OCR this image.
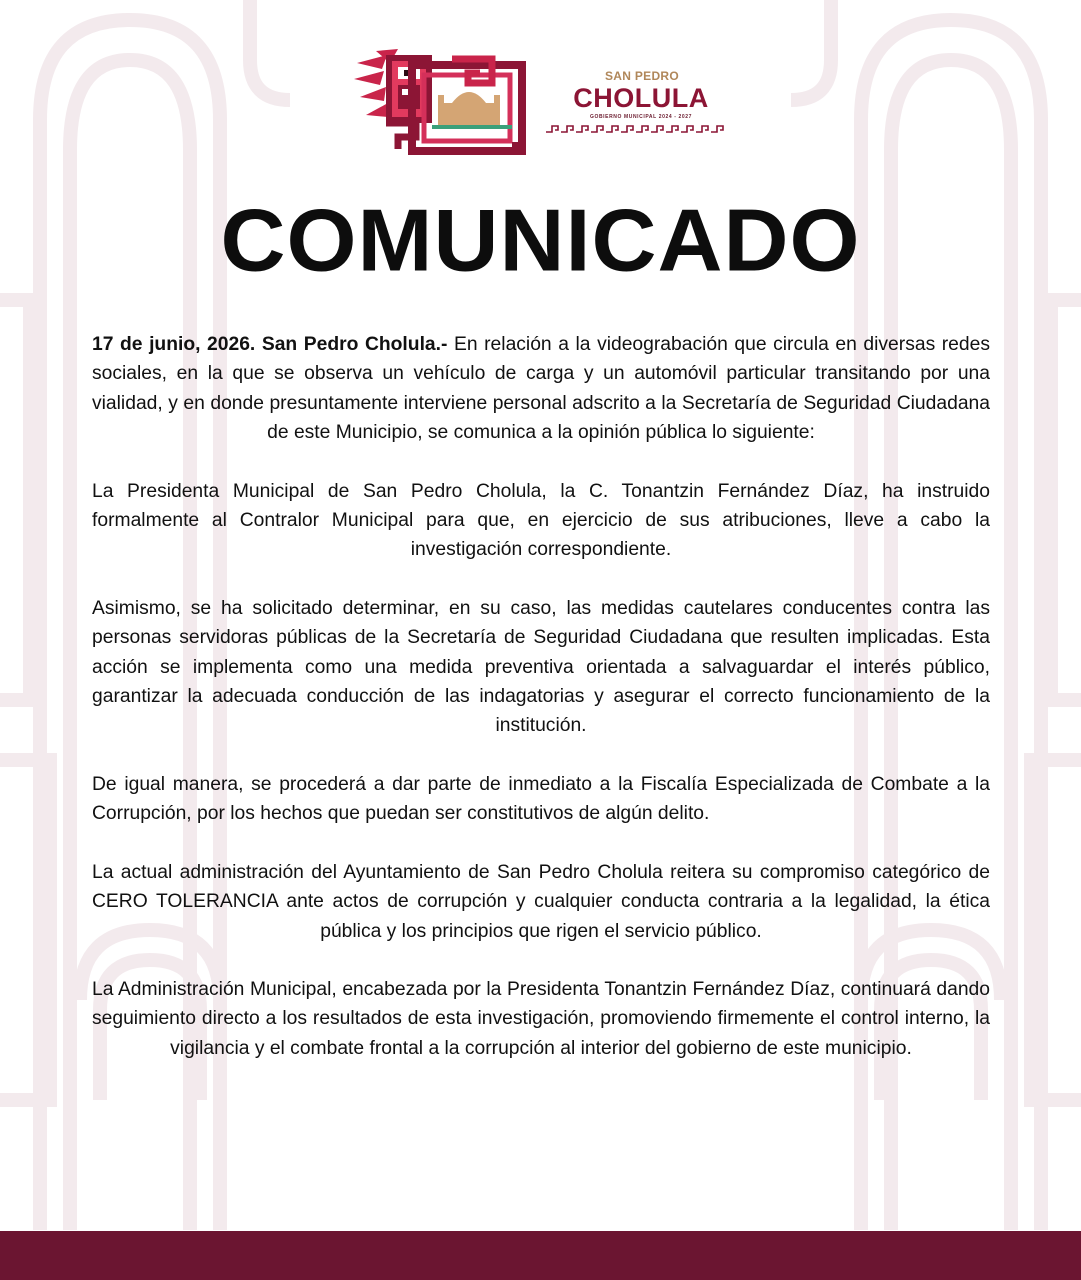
SAN PEDRO
CHOLULA
GOBIERNO MUNICIPAL 2024 - 2027
COMUNICADO

17 de junio, 2026. San Pedro Cholula.- En relación a la videograbación que circula en diversas redes sociales, en la que se observa un vehículo de carga y un automóvil particular transitando por una vialidad, y en donde presuntamente interviene personal adscrito a la Secretaría de Seguridad Ciudadana de este Municipio, se comunica a la opinión pública lo siguiente:

La Presidenta Municipal de San Pedro Cholula, la C. Tonantzin Fernández Díaz, ha instruido formalmente al Contralor Municipal para que, en ejercicio de sus atribuciones, lleve a cabo la investigación correspondiente.

Asimismo, se ha solicitado determinar, en su caso, las medidas cautelares conducentes contra las personas servidoras públicas de la Secretaría de Seguridad Ciudadana que resulten implicadas. Esta acción se implementa como una medida preventiva orientada a salvaguardar el interés público, garantizar la adecuada conducción de las indagatorias y asegurar el correcto funcionamiento de la institución.

De igual manera, se procederá a dar parte de inmediato a la Fiscalía Especializada de Combate a la Corrupción, por los hechos que puedan ser constitutivos de algún delito.

La actual administración del Ayuntamiento de San Pedro Cholula reitera su compromiso categórico de CERO TOLERANCIA ante actos de corrupción y cualquier conducta contraria a la legalidad, la ética pública y los principios que rigen el servicio público.

La Administración Municipal, encabezada por la Presidenta Tonantzin Fernández Díaz, continuará dando seguimiento directo a los resultados de esta investigación, promoviendo firmemente el control interno, la vigilancia y el combate frontal a la corrupción al interior del gobierno de este municipio.
